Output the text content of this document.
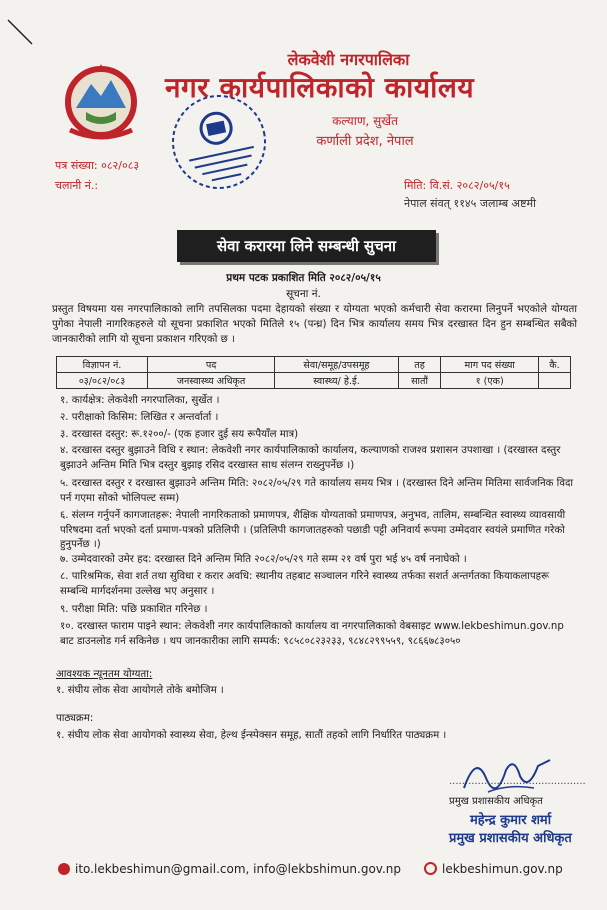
लेकवेशी नगरपालिका
नगर कार्यपालिकाको कार्यालय
कल्याण, सुर्खेत
कर्णाली प्रदेश, नेपाल
पत्र संख्या: ०८२/०८३
चलानी नं.:	मिति: वि.सं. २०८२/०५/१५
नेपाल संवत् ११४५ जलाम्ब अष्टमी
सेवा करारमा लिने सम्बन्धी सुचना
प्रथम पटक प्रकाशित मिति २०८२/०५/१५
सूचना नं.
प्रस्तुत विषयमा यस नगरपालिकाको लागि तपसिलका पदमा देहायको संख्या र योग्यता भएको कर्मचारी सेवा करारमा लिनुपर्ने भएकोले योग्यता पुगेका नेपाली नागरिकहरुले यो सूचना प्रकाशित भएको मितिले १५ (पन्ध्र) दिन भित्र कार्यालय समय भित्र दरखास्त दिन हुन सम्बन्धित सबैको जानकारीको लागि यो सूचना प्रकाशन गरिएको छ ।
विज्ञापन नं.	पद	सेवा/समूह/उपसमूह	तह	माग पद संख्या	कै.
०३/०८२/०८३	जनस्वास्थ्य अधिकृत	स्वास्थ्य/ हे.ई.	सातौं	१ (एक)	
१. कार्यक्षेत्र: लेकवेशी नगरपालिका, सुर्खेत ।
२. परीक्षाको किसिम: लिखित र अन्तर्वार्ता ।
३. दरखास्त दस्तुर: रू.१२००/- (एक हजार दुई सय रूपैयाँल मात्र)
४. दरखास्त दस्तुर बुझाउने विधि र स्थान: लेकवेशी नगर कार्यपालिकाको कार्यालय, कल्याणको राजश्व प्रशासन उपशाखा । (दरखास्त दस्तुर बुझाउने अन्तिम मिति भित्र दस्तुर बुझाइ रसिद दरखास्त साथ संलग्न राख्नुपर्नेछ ।)
५. दरखास्त दस्तुर र दरखास्त बुझाउने अन्तिम मिति: २०८२/०५/२९ गते कार्यालय समय भित्र । (दरखास्त दिने अन्तिम मितिमा सार्वजनिक विदा पर्न गएमा सोको भोलिपल्ट सम्म)
६. संलग्न गर्नुपर्ने कागजातहरू: नेपाली नागरिकताको प्रमाणपत्र, शैक्षिक योग्यताको प्रमाणपत्र, अनुभव, तालिम, सम्बन्धित स्वास्थ्य व्यावसायी परिषदमा दर्ता भएको दर्ता प्रमाण-पत्रको प्रतिलिपी । (प्रतिलिपी कागजातहरुको पछाडी पट्टी अनिवार्य रूपमा उम्मेदवार स्वयंले प्रमाणित गरेको हुनुपर्नेछ ।)
७. उम्मेदवारको उमेर हद: दरखास्त दिने अन्तिम मिति २०८२/०५/२९ गते सम्म २१ वर्ष पुरा भई ४५ वर्ष ननाघेको ।
८. पारिश्रमिक, सेवा शर्त तथा सुविधा र करार अवधि: स्थानीय तहबाट सञ्चालन गरिने स्वास्थ्य तर्फका सशर्त अन्तर्गतका कियाकलापहरू सम्बन्धि मार्गदर्शनमा उल्लेख भए अनुसार ।
९. परीक्षा मिति: पछि प्रकाशित गरिनेछ ।
१०. दरखास्त फाराम पाइने स्थान: लेकवेशी नगर कार्यपालिकाको कार्यालय वा नगरपालिकाको वेबसाइट www.lekbeshimun.gov.np बाट डाउनलोड गर्न सकिनेछ । थप जानकारीका लागि सम्पर्क: ९८५८०८२३२३३, ९८४८२९९५५९, ९८६६७८३०५०
आवश्यक न्यूनतम योग्यता:
१. संघीय लोक सेवा आयोगले तोके बमोजिम ।
पाठ्यक्रम:
१. संघीय लोक सेवा आयोगको स्वास्थ्य सेवा, हेल्थ ईन्स्पेक्सन समूह, सातौं तहको लागि निर्धारित पाठ्यक्रम ।
...........................................
प्रमुख प्रशासकीय अधिकृत
महेन्द्र कुमार शर्मा
प्रमुख प्रशासकीय अधिकृत
ito.lekbeshimun@gmail.com, info@lekbshimun.gov.np	lekbeshimun.gov.np
